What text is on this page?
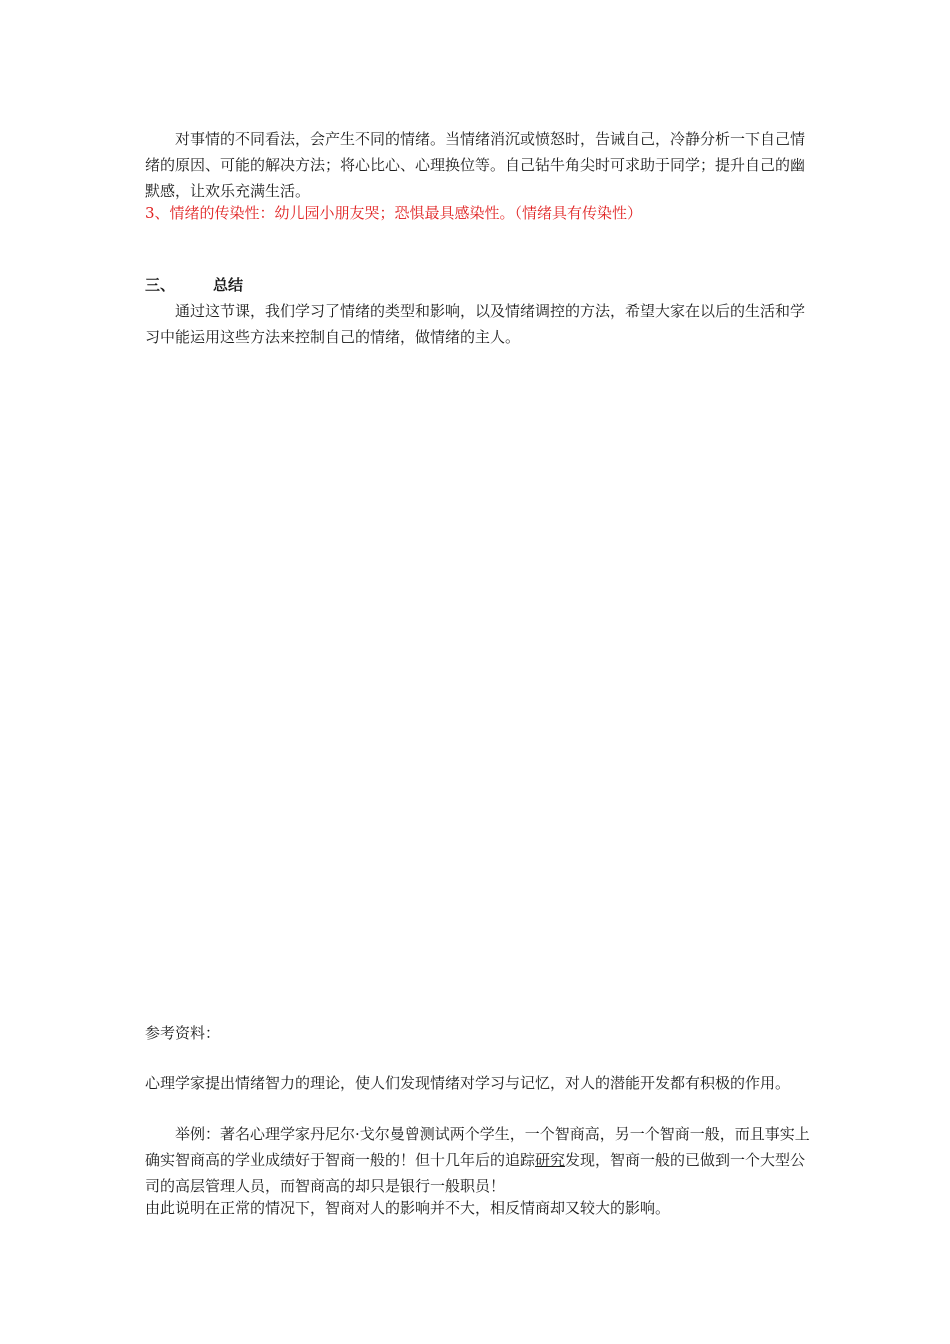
对事情的不同看法，会产生不同的情绪。当情绪消沉或愤怒时，告诫自己，冷静分析一下自己情绪的原因、可能的解决方法；将心比心、心理换位等。自己钻牛角尖时可求助于同学；提升自己的幽默感，让欢乐充满生活。

3、情绪的传染性：幼儿园小朋友哭；恐惧最具感染性。（情绪具有传染性）

三、	总结

通过这节课，我们学习了情绪的类型和影响，以及情绪调控的方法，希望大家在以后的生活和学习中能运用这些方法来控制自己的情绪，做情绪的主人。

参考资料：

心理学家提出情绪智力的理论，使人们发现情绪对学习与记忆，对人的潜能开发都有积极的作用。

举例：著名心理学家丹尼尔·戈尔曼曾测试两个学生，一个智商高，另一个智商一般，而且事实上确实智商高的学业成绩好于智商一般的！但十几年后的追踪研究发现，智商一般的已做到一个大型公司的高层管理人员，而智商高的却只是银行一般职员！

由此说明在正常的情况下，智商对人的影响并不大，相反情商却又较大的影响。
